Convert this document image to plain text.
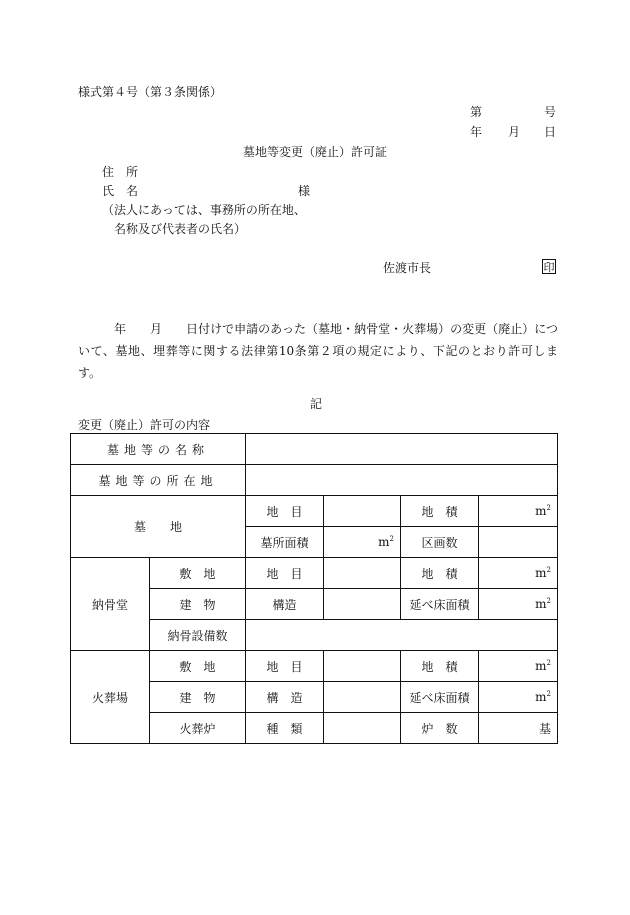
様式第４号（第３条関係）
第	号
年 月 日
墓地等変更（廃止）許可証
住　所
氏　名	様
（法人にあっては、事務所の所在地、
名称及び代表者の氏名）
佐渡市長	印
年　　月　　日付けで申請のあった（墓地・納骨堂・火葬場）の変更（廃止）について、墓地、埋葬等に関する法律第10条第２項の規定により、下記のとおり許可します。
記
変更（廃止）許可の内容
墓地等の名称					
墓地等の所在地					
墓　　地		地　目		地　積	$m^2$
		墓所面積	$m^2$	区画数	
納骨堂	敷　地	地　目		地　積	$m^2$
	建　物	構造		延べ床面積	$m^2$
	納骨設備数				
火葬場	敷　地	地　目		地　積	$m^2$
	建　物	構　造		延べ床面積	$m^2$
	火葬炉	種　類		炉　数	基
